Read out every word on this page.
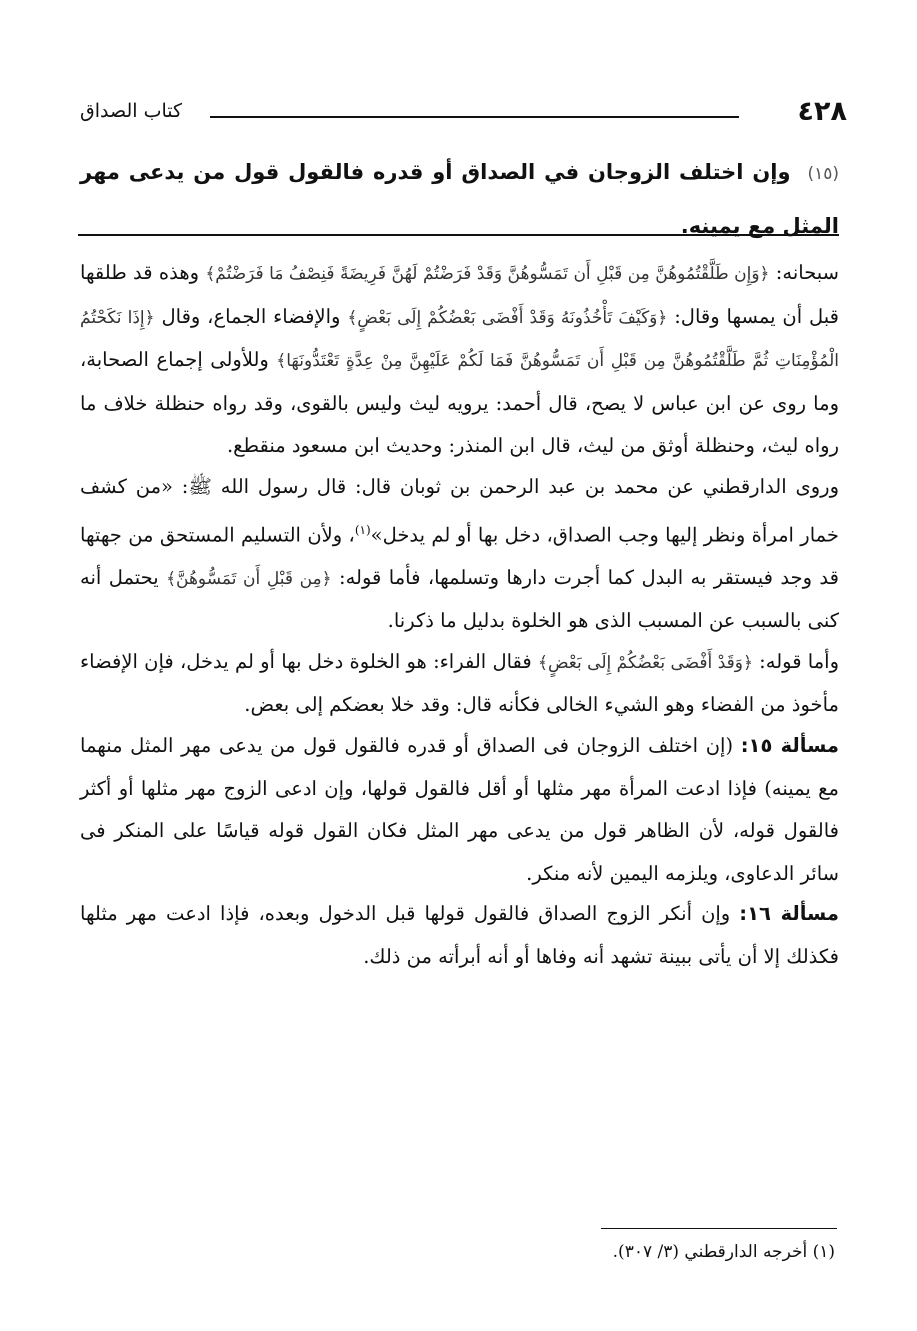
٤٢٨
كتاب الصداق
(١٥) وإن اختلف الزوجان في الصداق أو قدره فالقول قول من يدعى مهر المثل مع يمينه.

سبحانه: ﴿وَإِن طَلَّقْتُمُوهُنَّ مِن قَبْلِ أَن تَمَسُّوهُنَّ وَقَدْ فَرَضْتُمْ لَهُنَّ فَرِيضَةً فَنِصْفُ مَا فَرَضْتُمْ﴾ وهذه قد طلقها قبل أن يمسها وقال: ﴿وَكَيْفَ تَأْخُذُونَهُ وَقَدْ أَفْضَى بَعْضُكُمْ إِلَى بَعْضٍ﴾ والإفضاء الجماع، وقال ﴿إِذَا نَكَحْتُمُ الْمُؤْمِنَاتِ ثُمَّ طَلَّقْتُمُوهُنَّ مِن قَبْلِ أَن تَمَسُّوهُنَّ فَمَا لَكُمْ عَلَيْهِنَّ مِنْ عِدَّةٍ تَعْتَدُّونَهَا﴾ وللأولى إجماع الصحابة، وما روى عن ابن عباس لا يصح، قال أحمد: يرويه ليث وليس بالقوى، وقد رواه حنظلة خلاف ما رواه ليث، وحنظلة أوثق من ليث، قال ابن المنذر: وحديث ابن مسعود منقطع.

وروى الدارقطني عن محمد بن عبد الرحمن بن ثوبان قال: قال رسول الله ﷺ: «من كشف خمار امرأة ونظر إليها وجب الصداق، دخل بها أو لم يدخل»$^{(١)}$، ولأن التسليم المستحق من جهتها قد وجد فيستقر به البدل كما أجرت دارها وتسلمها، فأما قوله: ﴿مِن قَبْلِ أَن تَمَسُّوهُنَّ﴾ يحتمل أنه كنى بالسبب عن المسبب الذى هو الخلوة بدليل ما ذكرنا.

وأما قوله: ﴿وَقَدْ أَفْضَى بَعْضُكُمْ إِلَى بَعْضٍ﴾ فقال الفراء: هو الخلوة دخل بها أو لم يدخل، فإن الإفضاء مأخوذ من الفضاء وهو الشيء الخالى فكأنه قال: وقد خلا بعضكم إلى بعض.

مسألة ١٥: (إن اختلف الزوجان فى الصداق أو قدره فالقول قول من يدعى مهر المثل منهما مع يمينه) فإذا ادعت المرأة مهر مثلها أو أقل فالقول قولها، وإن ادعى الزوج مهر مثلها أو أكثر فالقول قوله، لأن الظاهر قول من يدعى مهر المثل فكان القول قوله قياسًا على المنكر فى سائر الدعاوى، ويلزمه اليمين لأنه منكر.

مسألة ١٦: وإن أنكر الزوج الصداق فالقول قولها قبل الدخول وبعده، فإذا ادعت مهر مثلها فكذلك إلا أن يأتى ببينة تشهد أنه وفاها أو أنه أبرأته من ذلك.

(١) أخرجه الدارقطني (٣/ ٣٠٧).
